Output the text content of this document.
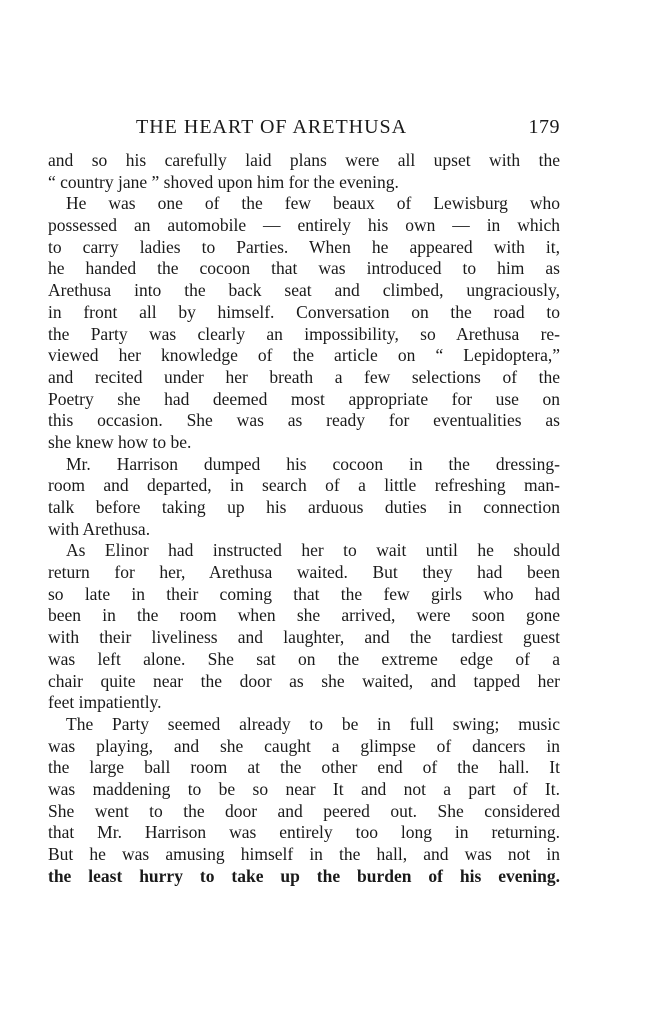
THE HEART OF ARETHUSA	179
and so his carefully laid plans were all upset with the
“ country jane ” shoved upon him for the evening.
He was one of the few beaux of Lewisburg who
possessed an automobile — entirely his own — in which
to carry ladies to Parties. When he appeared with it,
he handed the cocoon that was introduced to him as
Arethusa into the back seat and climbed, ungraciously,
in front all by himself. Conversation on the road to
the Party was clearly an impossibility, so Arethusa re-
viewed her knowledge of the article on “ Lepidoptera,”
and recited under her breath a few selections of the
Poetry she had deemed most appropriate for use on
this occasion. She was as ready for eventualities as
she knew how to be.
Mr. Harrison dumped his cocoon in the dressing-
room and departed, in search of a little refreshing man-
talk before taking up his arduous duties in connection
with Arethusa.
As Elinor had instructed her to wait until he should
return for her, Arethusa waited. But they had been
so late in their coming that the few girls who had
been in the room when she arrived, were soon gone
with their liveliness and laughter, and the tardiest guest
was left alone. She sat on the extreme edge of a
chair quite near the door as she waited, and tapped her
feet impatiently.
The Party seemed already to be in full swing; music
was playing, and she caught a glimpse of dancers in
the large ball room at the other end of the hall. It
was maddening to be so near It and not a part of It.
She went to the door and peered out. She considered
that Mr. Harrison was entirely too long in returning.
But he was amusing himself in the hall, and was not in
the least hurry to take up the burden of his evening.
